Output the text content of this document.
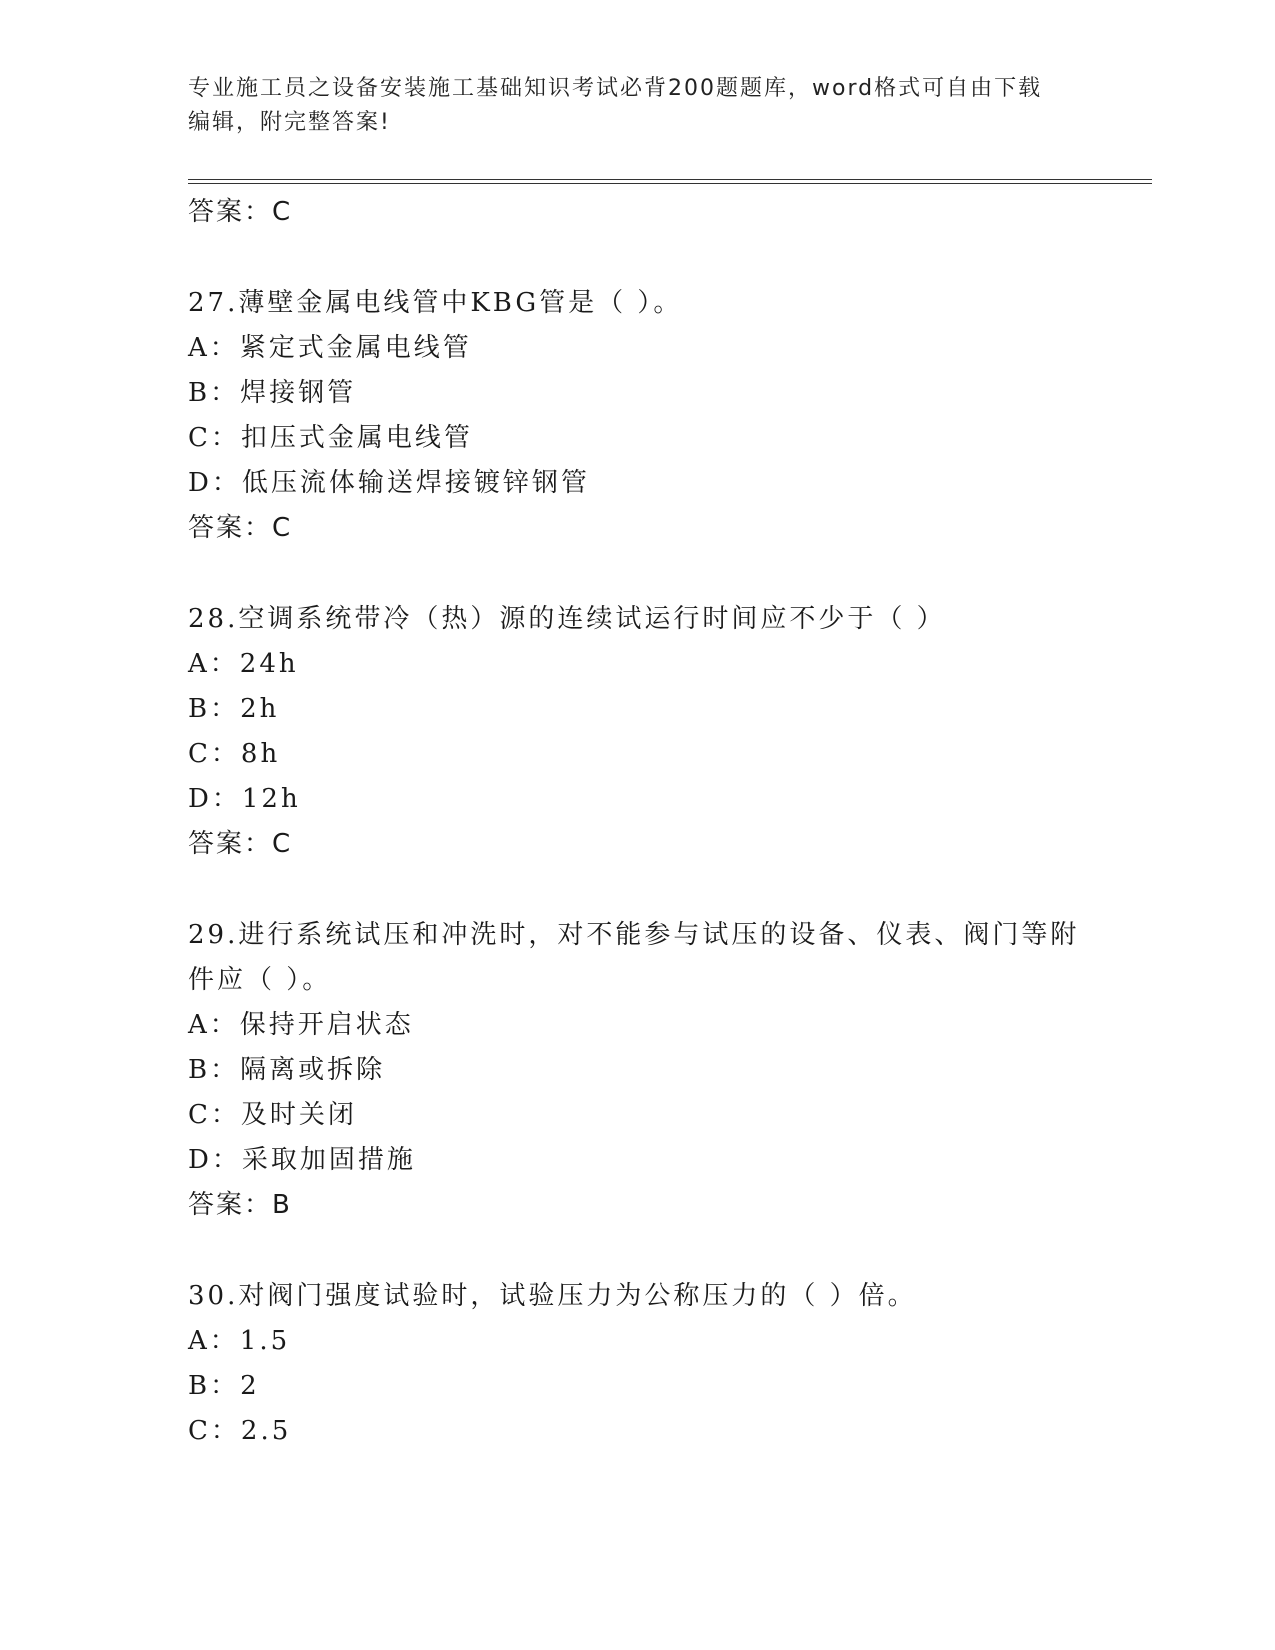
专业施工员之设备安装施工基础知识考试必背200题题库，word格式可自由下载
编辑，附完整答案!
答案：C
27.薄壁金属电线管中KBG管是（ ）。
A：紧定式金属电线管
B：焊接钢管
C：扣压式金属电线管
D：低压流体输送焊接镀锌钢管
答案：C
28.空调系统带冷（热）源的连续试运行时间应不少于（ ）
A：24h
B：2h
C：8h
D：12h
答案：C
29.进行系统试压和冲洗时，对不能参与试压的设备、仪表、阀门等附件应（ ）。
A：保持开启状态
B：隔离或拆除
C：及时关闭
D：采取加固措施
答案：B
30.对阀门强度试验时，试验压力为公称压力的（ ）倍。
A：1.5
B：2
C：2.5
